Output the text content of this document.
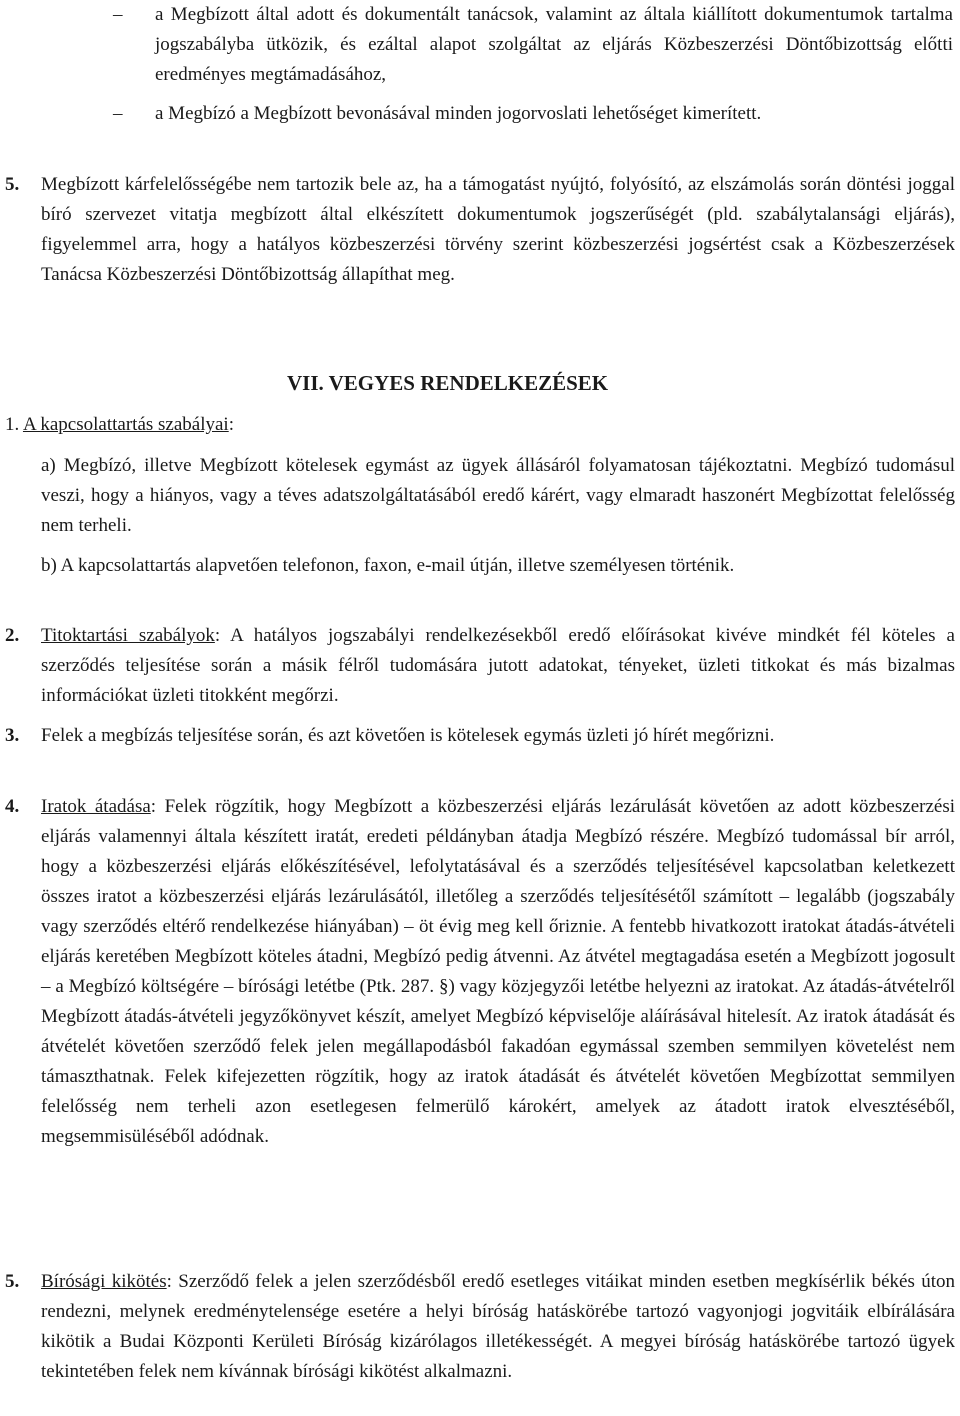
– a Megbízott által adott és dokumentált tanácsok, valamint az általa kiállított dokumentumok tartalma jogszabályba ütközik, és ezáltal alapot szolgáltat az eljárás Közbeszerzési Döntőbizottság előtti eredményes megtámadásához,
– a Megbízó a Megbízott bevonásával minden jogorvoslati lehetőséget kimerített.
5. Megbízott kárfelelősségébe nem tartozik bele az, ha a támogatást nyújtó, folyósító, az elszámolás során döntési joggal bíró szervezet vitatja megbízott által elkészített dokumentumok jogszerűségét (pld. szabálytalansági eljárás), figyelemmel arra, hogy a hatályos közbeszerzési törvény szerint közbeszerzési jogsértést csak a Közbeszerzések Tanácsa Közbeszerzési Döntőbizottság állapíthat meg.
VII. VEGYES RENDELKEZÉSEK
1. A kapcsolattartás szabályai:
a) Megbízó, illetve Megbízott kötelesek egymást az ügyek állásáról folyamatosan tájékoztatni. Megbízó tudomásul veszi, hogy a hiányos, vagy a téves adatszolgáltatásából eredő kárért, vagy elmaradt haszonért Megbízottat felelősség nem terheli.
b) A kapcsolattartás alapvetően telefonon, faxon, e-mail útján, illetve személyesen történik.
2. Titoktartási szabályok: A hatályos jogszabályi rendelkezésekből eredő előírásokat kivéve mindkét fél köteles a szerződés teljesítése során a másik félről tudomására jutott adatokat, tényeket, üzleti titkokat és más bizalmas információkat üzleti titokként megőrzi.
3. Felek a megbízás teljesítése során, és azt követően is kötelesek egymás üzleti jó hírét megőrizni.
4. Iratok átadása: Felek rögzítik, hogy Megbízott a közbeszerzési eljárás lezárulását követően az adott közbeszerzési eljárás valamennyi általa készített iratát, eredeti példányban átadja Megbízó részére. Megbízó tudomással bír arról, hogy a közbeszerzési eljárás előkészítésével, lefolytatásával és a szerződés teljesítésével kapcsolatban keletkezett összes iratot a közbeszerzési eljárás lezárulásától, illetőleg a szerződés teljesítésétől számított – legalább (jogszabály vagy szerződés eltérő rendelkezése hiányában) – öt évig meg kell őriznie. A fentebb hivatkozott iratokat átadás-átvételi eljárás keretében Megbízott köteles átadni, Megbízó pedig átvenni. Az átvétel megtagadása esetén a Megbízott jogosult – a Megbízó költségére – bírósági letétbe (Ptk. 287. §) vagy közjegyzői letétbe helyezni az iratokat. Az átadás-átvételről Megbízott átadás-átvételi jegyzőkönyvet készít, amelyet Megbízó képviselője aláírásával hitelesít. Az iratok átadását és átvételét követően szerződő felek jelen megállapodásból fakadóan egymással szemben semmilyen követelést nem támaszthatnak. Felek kifejezetten rögzítik, hogy az iratok átadását és átvételét követően Megbízottat semmilyen felelősség nem terheli azon esetlegesen felmerülő károkért, amelyek az átadott iratok elvesztéséből, megsemmisüléséből adódnak.
5. Bírósági kikötés: Szerződő felek a jelen szerződésből eredő esetleges vitáikat minden esetben megkísérlik békés úton rendezni, melynek eredménytelensége esetére a helyi bíróság hatáskörébe tartozó vagyonjogi jogvitáik elbírálására kikötik a Budai Központi Kerületi Bíróság kizárólagos illetékességét. A megyei bíróság hatáskörébe tartozó ügyek tekintetében felek nem kívánnak bírósági kikötést alkalmazni.
